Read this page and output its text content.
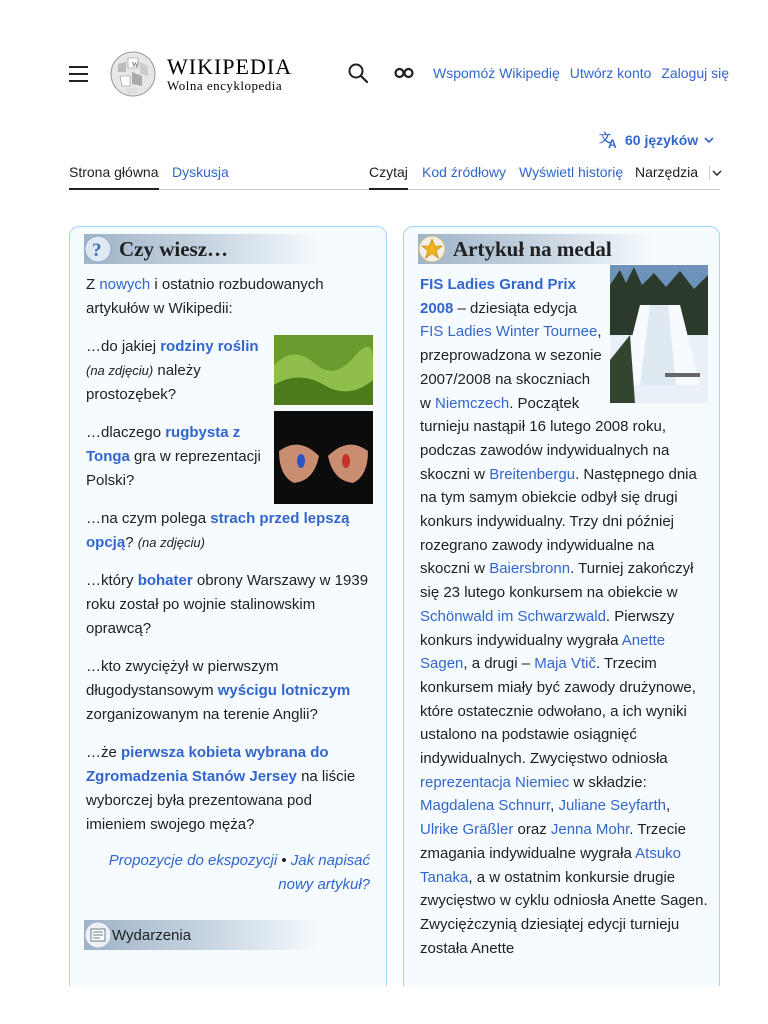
W WIKIPEDIA
Wolna encyklopedia
Wspomóż Wikipedię Utwórz konto Zaloguj się
文
A 60 języków
Strona główna Dyskusja	Czytaj Kod źródłowy Wyświetl historię Narzędzia
? Czy wiesz…
Z nowych i ostatnio rozbudowanych artykułów w Wikipedii:
…do jakiej rodziny roślin
(na zdjęciu) należy prostozębek?
…dlaczego rugbysta z Tonga gra w reprezentacji Polski?
…na czym polega strach przed lepszą opcją? (na zdjęciu)
…który bohater obrony Warszawy w 1939 roku został po wojnie stalinowskim oprawcą?
…kto zwyciężył w pierwszym długodystansowym wyścigu lotniczym zorganizowanym na terenie Anglii?
…że pierwsza kobieta wybrana do Zgromadzenia Stanów Jersey na liście wyborczej była prezentowana pod imieniem swojego męża?
Propozycje do ekspozycji • Jak napisać nowy artykuł?
Wydarzenia
Artykuł na medal
FIS Ladies Grand Prix 2008 – dziesiąta edycja FIS Ladies Winter Tournee, przeprowadzona w sezonie 2007/2008 na skoczniach w Niemczech. Początek turnieju nastąpił 16 lutego 2008 roku, podczas zawodów indywidualnych na skoczni w Breitenbergu. Następnego dnia na tym samym obiekcie odbył się drugi konkurs indywidualny. Trzy dni później rozegrano zawody indywidualne na skoczni w Baiersbronn. Turniej zakończył się 23 lutego konkursem na obiekcie w Schönwald im Schwarzwald. Pierwszy konkurs indywidualny wygrała Anette Sagen, a drugi – Maja Vtič. Trzecim konkursem miały być zawody drużynowe, które ostatecznie odwołano, a ich wyniki ustalono na podstawie osiągnięć indywidualnych. Zwycięstwo odniosła reprezentacja Niemiec w składzie: Magdalena Schnurr, Juliane Seyfarth, Ulrike Gräßler oraz Jenna Mohr. Trzecie zmagania indywidualne wygrała Atsuko Tanaka, a w ostatnim konkursie drugie zwycięstwo w cyklu odniosła Anette Sagen. Zwyciężczynią dziesiątej edycji turnieju została Anette
